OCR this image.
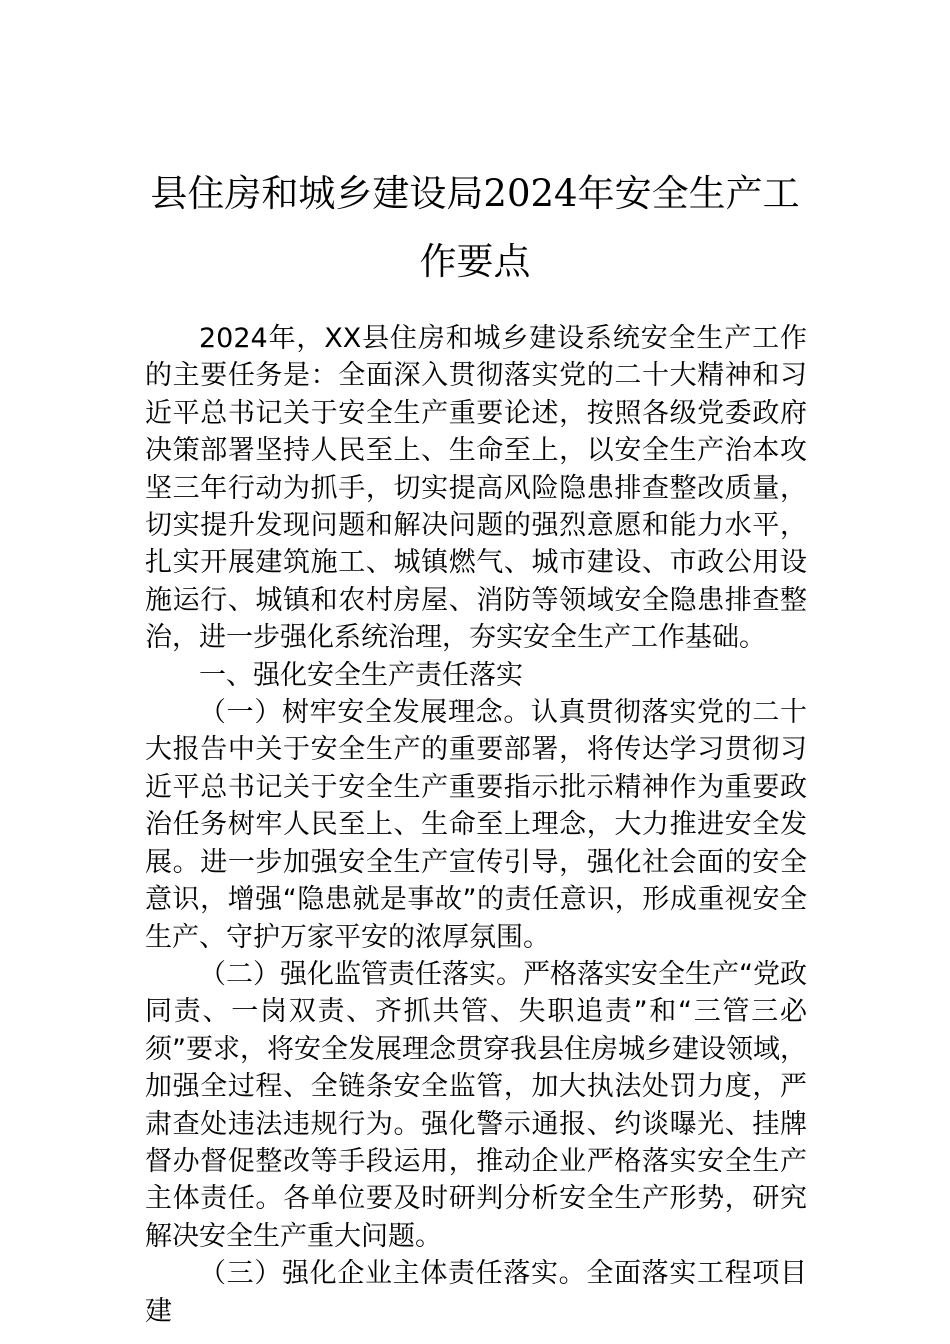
县住房和城乡建设局2024年安全生产工作要点

2024年，XX县住房和城乡建设系统安全生产工作的主要任务是：全面深入贯彻落实党的二十大精神和习近平总书记关于安全生产重要论述，按照各级党委政府决策部署坚持人民至上、生命至上，以安全生产治本攻坚三年行动为抓手，切实提高风险隐患排查整改质量，切实提升发现问题和解决问题的强烈意愿和能力水平，扎实开展建筑施工、城镇燃气、城市建设、市政公用设施运行、城镇和农村房屋、消防等领域安全隐患排查整治，进一步强化系统治理，夯实安全生产工作基础。

一、强化安全生产责任落实

（一）树牢安全发展理念。认真贯彻落实党的二十大报告中关于安全生产的重要部署，将传达学习贯彻习近平总书记关于安全生产重要指示批示精神作为重要政治任务树牢人民至上、生命至上理念，大力推进安全发展。进一步加强安全生产宣传引导，强化社会面的安全意识，增强“隐患就是事故”的责任意识，形成重视安全生产、守护万家平安的浓厚氛围。

（二）强化监管责任落实。严格落实安全生产“党政同责、一岗双责、齐抓共管、失职追责”和“三管三必须”要求，将安全发展理念贯穿我县住房城乡建设领域，加强全过程、全链条安全监管，加大执法处罚力度，严肃查处违法违规行为。强化警示通报、约谈曝光、挂牌督办督促整改等手段运用，推动企业严格落实安全生产主体责任。各单位要及时研判分析安全生产形势，研究解决安全生产重大问题。

（三）强化企业主体责任落实。全面落实工程项目建
